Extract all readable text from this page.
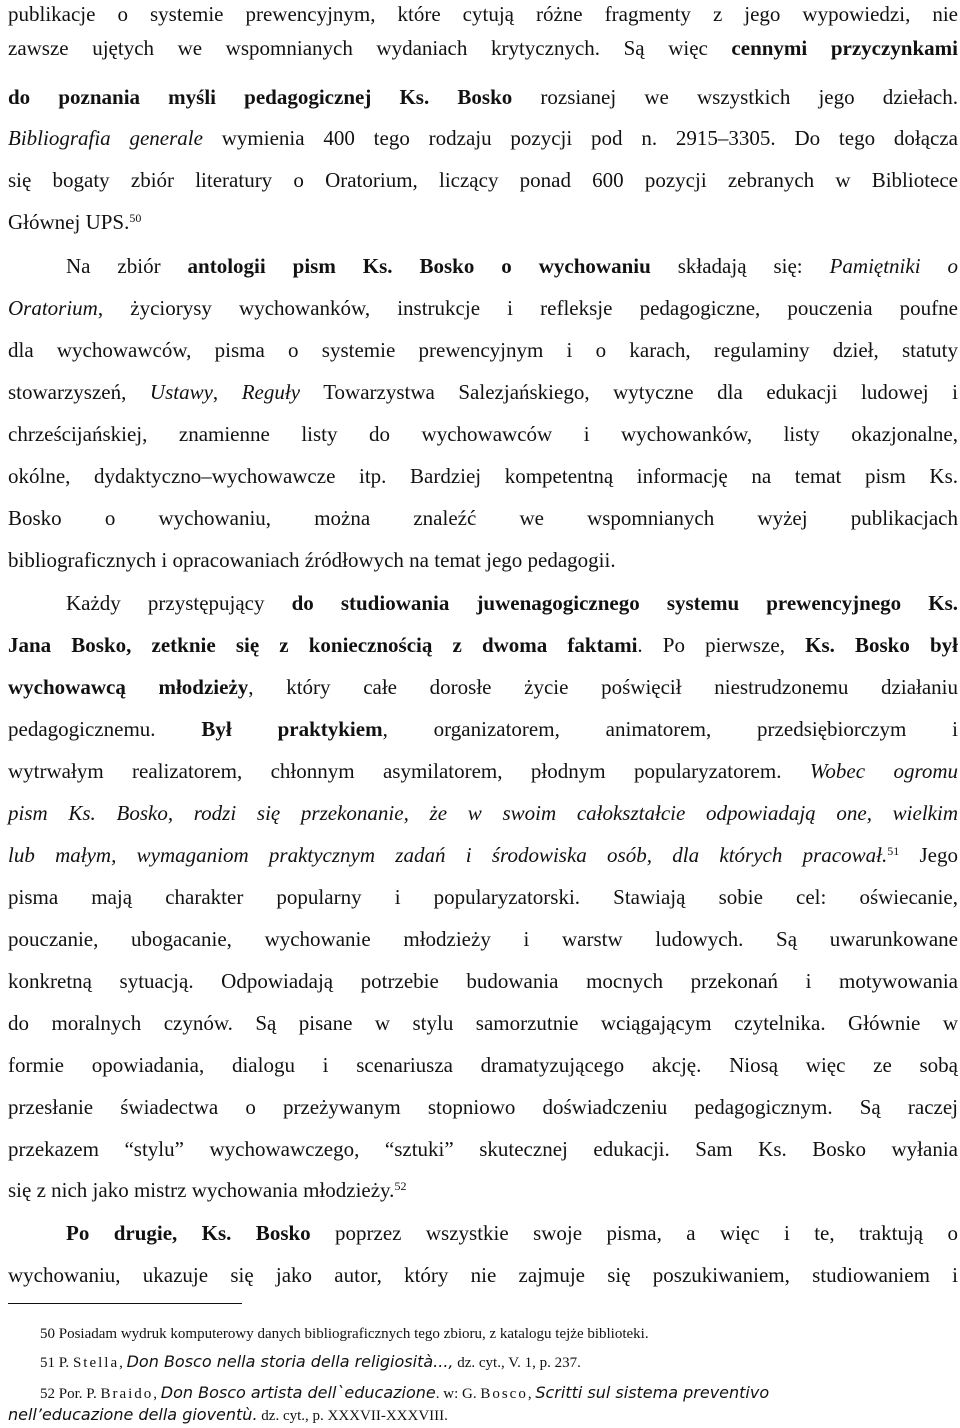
publikacje o systemie prewencyjnym, które cytują różne fragmenty z jego wypowiedzi, nie
zawsze ujętych we wspomnianych wydaniach krytycznych. Są więc cennymi przyczynkami
do poznania myśli pedagogicznej Ks. Bosko rozsianej we wszystkich jego dziełach.
Bibliografia generale wymienia 400 tego rodzaju pozycji pod n. 2915–3305. Do tego dołącza
się bogaty zbiór literatury o Oratorium, liczący ponad 600 pozycji zebranych w Bibliotece
Głównej UPS.$^{50}$
Na zbiór antologii pism Ks. Bosko o wychowaniu składają się: Pamiętniki o
Oratorium, życiorysy wychowanków, instrukcje i refleksje pedagogiczne, pouczenia poufne
dla wychowawców, pisma o systemie prewencyjnym i o karach, regulaminy dzieł, statuty
stowarzyszeń, Ustawy, Reguły Towarzystwa Salezjańskiego, wytyczne dla edukacji ludowej i
chrześcijańskiej, znamienne listy do wychowawców i wychowanków, listy okazjonalne,
okólne, dydaktyczno–wychowawcze itp. Bardziej kompetentną informację na temat pism Ks.
Bosko o wychowaniu, można znaleźć we wspomnianych wyżej publikacjach
bibliograficznych i opracowaniach źródłowych na temat jego pedagogii.
Każdy przystępujący do studiowania juwenagogicznego systemu prewencyjnego Ks.
Jana Bosko, zetknie się z koniecznością z dwoma faktami. Po pierwsze, Ks. Bosko był
wychowawcą młodzieży, który całe dorosłe życie poświęcił niestrudzonemu działaniu
pedagogicznemu. Był praktykiem, organizatorem, animatorem, przedsiębiorczym i
wytrwałym realizatorem, chłonnym asymilatorem, płodnym popularyzatorem. Wobec ogromu
pism Ks. Bosko, rodzi się przekonanie, że w swoim całokształcie odpowiadają one, wielkim
lub małym, wymaganiom praktycznym zadań i środowiska osób, dla których pracował.$^{51}$ Jego
pisma mają charakter popularny i popularyzatorski. Stawiają sobie cel: oświecanie,
pouczanie, ubogacanie, wychowanie młodzieży i warstw ludowych. Są uwarunkowane
konkretną sytuacją. Odpowiadają potrzebie budowania mocnych przekonań i motywowania
do moralnych czynów. Są pisane w stylu samorzutnie wciągającym czytelnika. Głównie w
formie opowiadania, dialogu i scenariusza dramatyzującego akcję. Niosą więc ze sobą
przesłanie świadectwa o przeżywanym stopniowo doświadczeniu pedagogicznym. Są raczej
przekazem “stylu” wychowawczego, “sztuki” skutecznej edukacji. Sam Ks. Bosko wyłania
się z nich jako mistrz wychowania młodzieży.$^{52}$
Po drugie, Ks. Bosko poprzez wszystkie swoje pisma, a więc i te, traktują o
wychowaniu, ukazuje się jako autor, który nie zajmuje się poszukiwaniem, studiowaniem i
50 Posiadam wydruk komputerowy danych bibliograficznych tego zbioru, z katalogu tejże biblioteki.
51 P. Stella, Don Bosco nella storia della religiosità..., dz. cyt., V. 1, p. 237.
52 Por. P. Braido, Don Bosco artista dell`educazione. w: G. Bosco, Scritti sul sistema preventivo
nell’educazione della gioventù. dz. cyt., p. XXXVII-XXXVIII.
